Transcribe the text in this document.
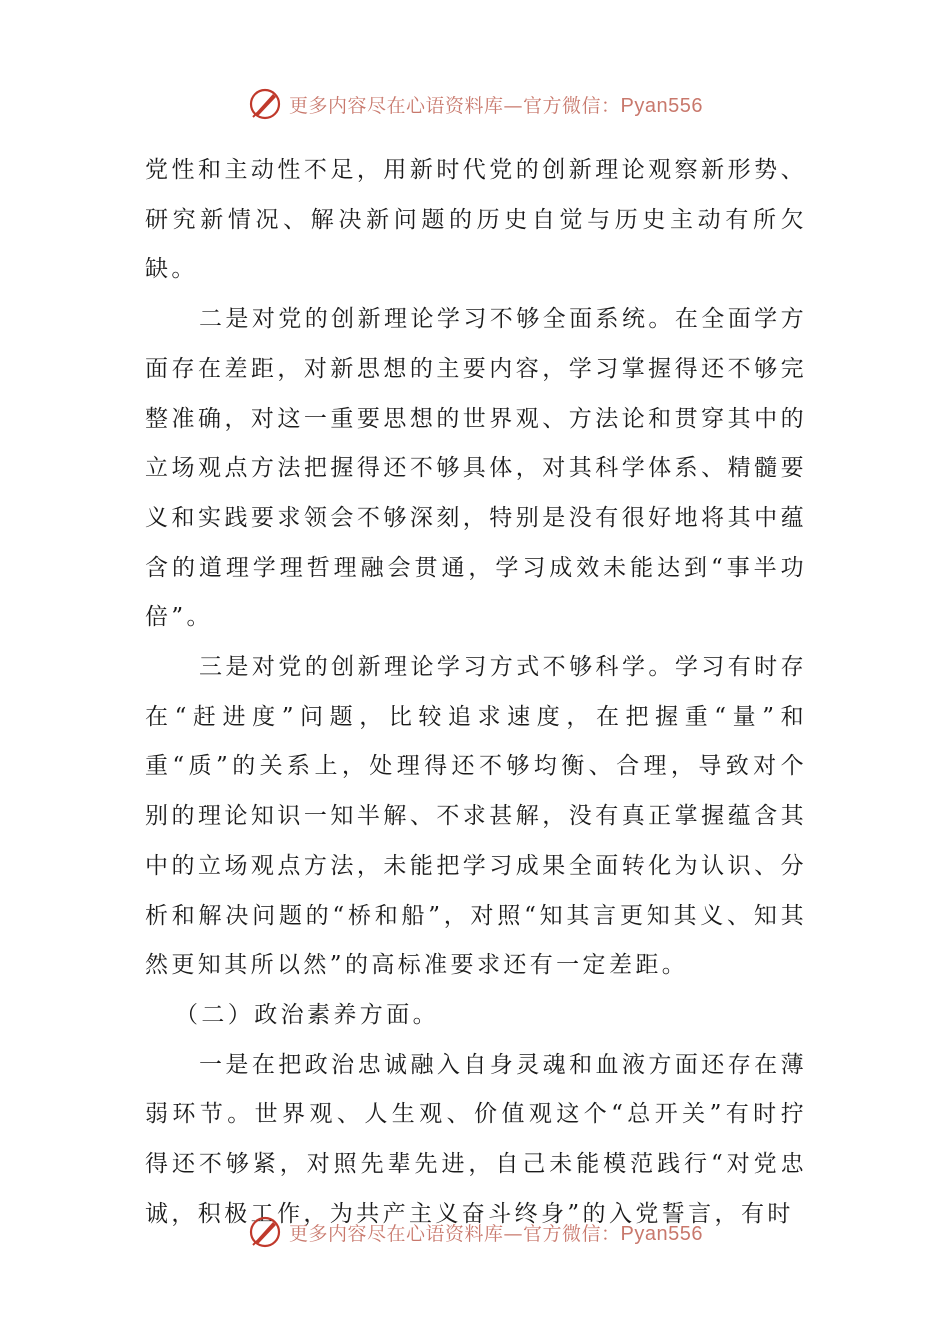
更多内容尽在心语资料库—官方微信：Pyan556

党性和主动性不足，用新时代党的创新理论观察新形势、研究新情况、解决新问题的历史自觉与历史主动有所欠缺。

二是对党的创新理论学习不够全面系统。在全面学方面存在差距，对新思想的主要内容，学习掌握得还不够完整准确，对这一重要思想的世界观、方法论和贯穿其中的立场观点方法把握得还不够具体，对其科学体系、精髓要义和实践要求领会不够深刻，特别是没有很好地将其中蕴含的道理学理哲理融会贯通，学习成效未能达到“事半功倍”。

三是对党的创新理论学习方式不够科学。学习有时存在“赶进度”问题，比较追求速度，在把握重“量”和重“质”的关系上，处理得还不够均衡、合理，导致对个别的理论知识一知半解、不求甚解，没有真正掌握蕴含其中的立场观点方法，未能把学习成果全面转化为认识、分析和解决问题的“桥和船”，对照“知其言更知其义、知其然更知其所以然”的高标准要求还有一定差距。

（二）政治素养方面。

一是在把政治忠诚融入自身灵魂和血液方面还存在薄弱环节。世界观、人生观、价值观这个“总开关”有时拧得还不够紧，对照先辈先进，自己未能模范践行“对党忠诚，积极工作，为共产主义奋斗终身”的入党誓言，有时

更多内容尽在心语资料库—官方微信：Pyan556
